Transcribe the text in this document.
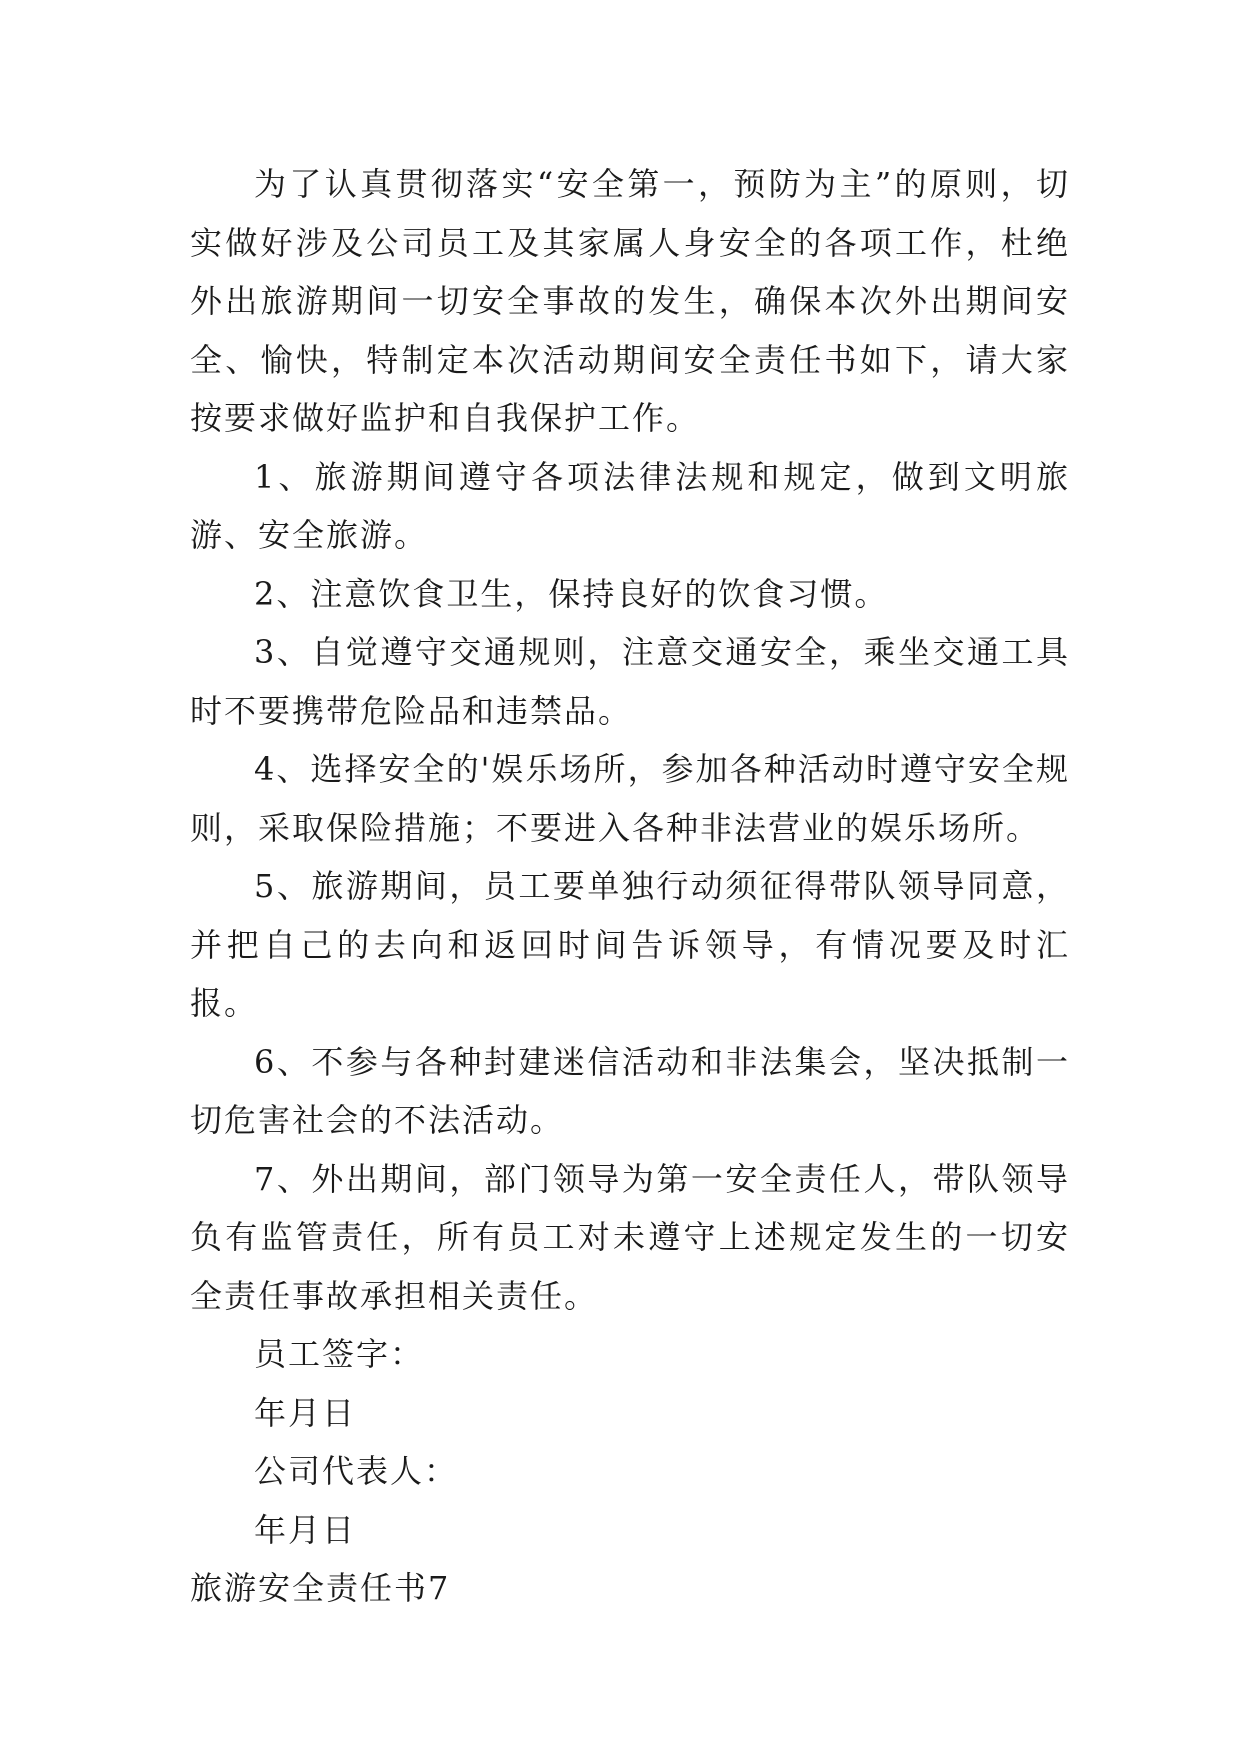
为了认真贯彻落实“安全第一，预防为主”的原则，切实做好涉及公司员工及其家属人身安全的各项工作，杜绝外出旅游期间一切安全事故的发生，确保本次外出期间安全、愉快，特制定本次活动期间安全责任书如下，请大家按要求做好监护和自我保护工作。

1、旅游期间遵守各项法律法规和规定，做到文明旅游、安全旅游。

2、注意饮食卫生，保持良好的饮食习惯。

3、自觉遵守交通规则，注意交通安全，乘坐交通工具时不要携带危险品和违禁品。

4、选择安全的'娱乐场所，参加各种活动时遵守安全规则，采取保险措施；不要进入各种非法营业的娱乐场所。

5、旅游期间，员工要单独行动须征得带队领导同意，并把自己的去向和返回时间告诉领导，有情况要及时汇报。

6、不参与各种封建迷信活动和非法集会，坚决抵制一切危害社会的不法活动。

7、外出期间，部门领导为第一安全责任人，带队领导负有监管责任，所有员工对未遵守上述规定发生的一切安全责任事故承担相关责任。

员工签字：

年月日

公司代表人：

年月日

旅游安全责任书7
